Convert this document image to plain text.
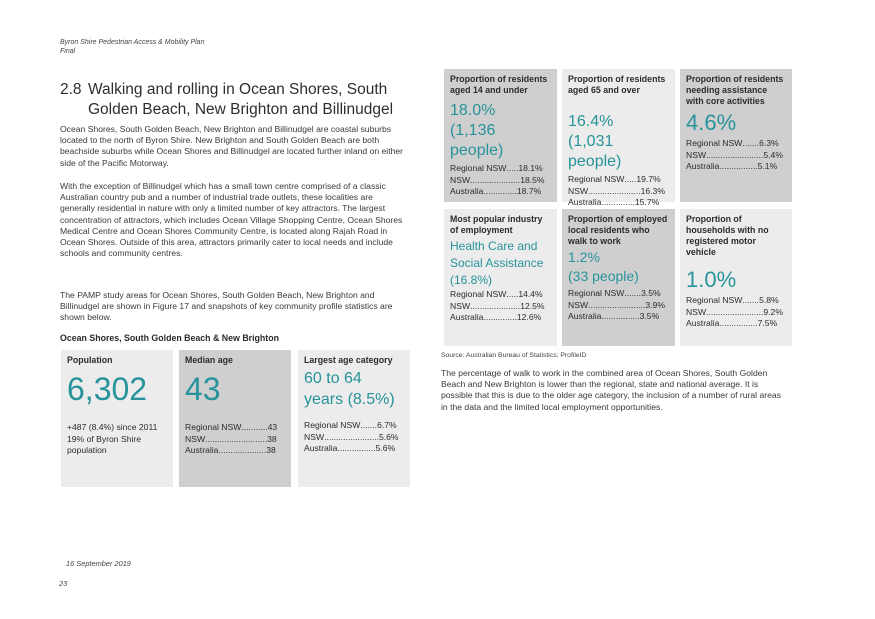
Byron Shire Pedestrian Access & Mobility Plan
Final
2.8 Walking and rolling in Ocean Shores, South
Golden Beach, New Brighton and Billinudgel

Ocean Shores, South Golden Beach, New Brighton and Billinudgel are coastal suburbs located to the north of Byron Shire. New Brighton and South Golden Beach are both beachside suburbs while Ocean Shores and Billinudgel are located further inland on either side of the Pacific Motorway.

With the exception of Billinudgel which has a small town centre comprised of a classic Australian country pub and a number of industrial trade outlets, these localities are generally residential in nature with only a limited number of key attractors. The largest concentration of attractors, which includes Ocean Village Shopping Centre, Ocean Shores Medical Centre and Ocean Shores Community Centre, is located along Rajah Road in Ocean Shores. Outside of this area, attractors primarily cater to local needs and include schools and community centres.

The PAMP study areas for Ocean Shores, South Golden Beach, New Brighton and Billinudgel are shown in Figure 17 and snapshots of key community profile statistics are shown below.

Ocean Shores, South Golden Beach & New Brighton
Population
6,302
+487 (8.4%) since 2011
19% of Byron Shire
population
Median age
43
Regional NSW...........43
NSW..........................38
Australia....................38
Largest age category
60 to 64
years (8.5%)
Regional NSW.......6.7%
NSW.......................5.6%
Australia................5.6%
Proportion of residents aged 14 and under
18.0%
(1,136 people)
Regional NSW.....18.1%
NSW.....................18.5%
Australia..............18.7%
Proportion of residents aged 65 and over
16.4%
(1,031 people)
Regional NSW.....19.7%
NSW......................16.3%
Australia..............15.7%
Proportion of residents needing assistance with core activities
4.6%
Regional NSW.......6.3%
NSW........................5.4%
Australia................5.1%
Most popular industry of employment
Health Care and
Social Assistance
(16.8%)
Regional NSW.....14.4%
NSW.....................12.5%
Australia..............12.6%
Proportion of employed local residents who walk to work
1.2%
(33 people)
Regional NSW.......3.5%
NSW........................3.9%
Australia................3.5%
Proportion of households with no registered motor vehicle
1.0%
Regional NSW.......5.8%
NSW........................9.2%
Australia................7.5%
Source: Australian Bureau of Statistics; ProfileID

The percentage of walk to work in the combined area of Ocean Shores, South Golden Beach and New Brighton is lower than the regional, state and national average. It is possible that this is due to the older age category, the inclusion of a number of rural areas in the data and the limited local employment opportunities.

16 September 2019
23
